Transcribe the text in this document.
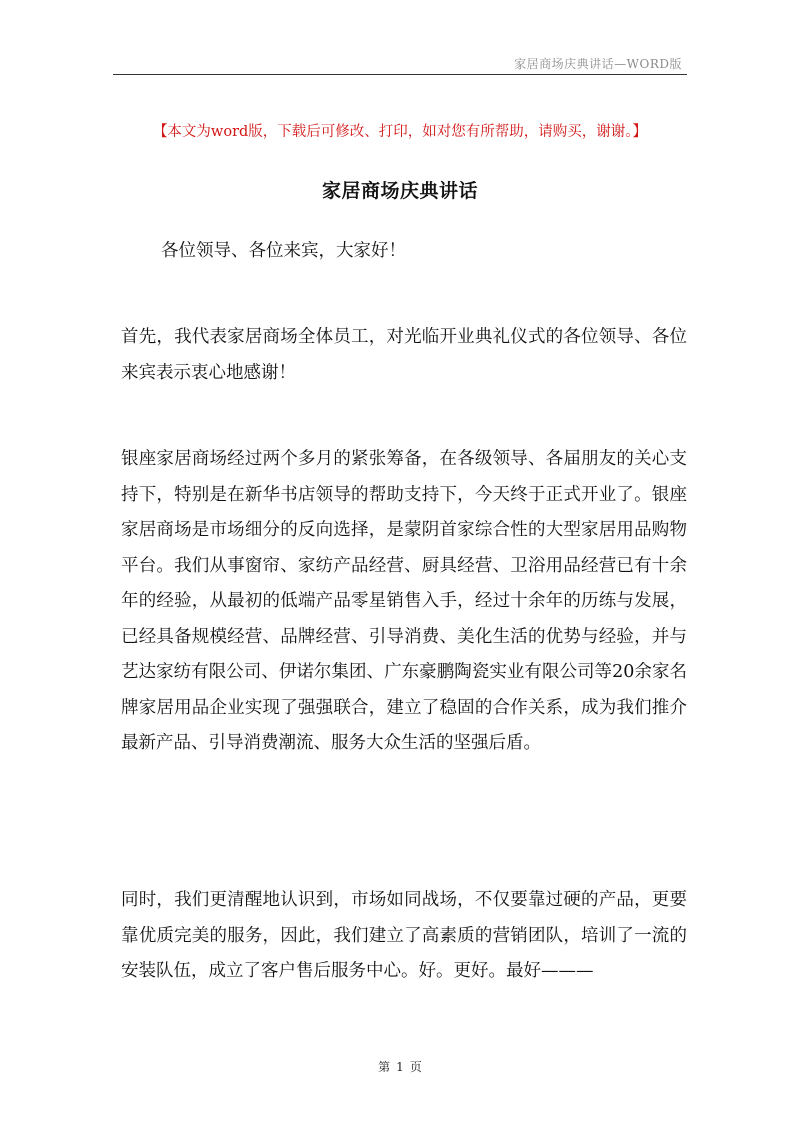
家居商场庆典讲话—WORD版
【本文为word版，下载后可修改、打印，如对您有所帮助，请购买，谢谢。】
家居商场庆典讲话

各位领导、各位来宾，大家好！

首先，我代表家居商场全体员工，对光临开业典礼仪式的各位领导、各位来宾表示衷心地感谢！

银座家居商场经过两个多月的紧张筹备，在各级领导、各届朋友的关心支持下，特别是在新华书店领导的帮助支持下，今天终于正式开业了。银座家居商场是市场细分的反向选择，是蒙阴首家综合性的大型家居用品购物平台。我们从事窗帘、家纺产品经营、厨具经营、卫浴用品经营已有十余年的经验，从最初的低端产品零星销售入手，经过十余年的历练与发展，已经具备规模经营、品牌经营、引导消费、美化生活的优势与经验，并与艺达家纺有限公司、伊诺尔集团、广东豪鹏陶瓷实业有限公司等20余家名牌家居用品企业实现了强强联合，建立了稳固的合作关系，成为我们推介最新产品、引导消费潮流、服务大众生活的坚强后盾。

同时，我们更清醒地认识到，市场如同战场，不仅要靠过硬的产品，更要靠优质完美的服务，因此，我们建立了高素质的营销团队，培训了一流的安装队伍，成立了客户售后服务中心。好。更好。最好———

第 1 页
